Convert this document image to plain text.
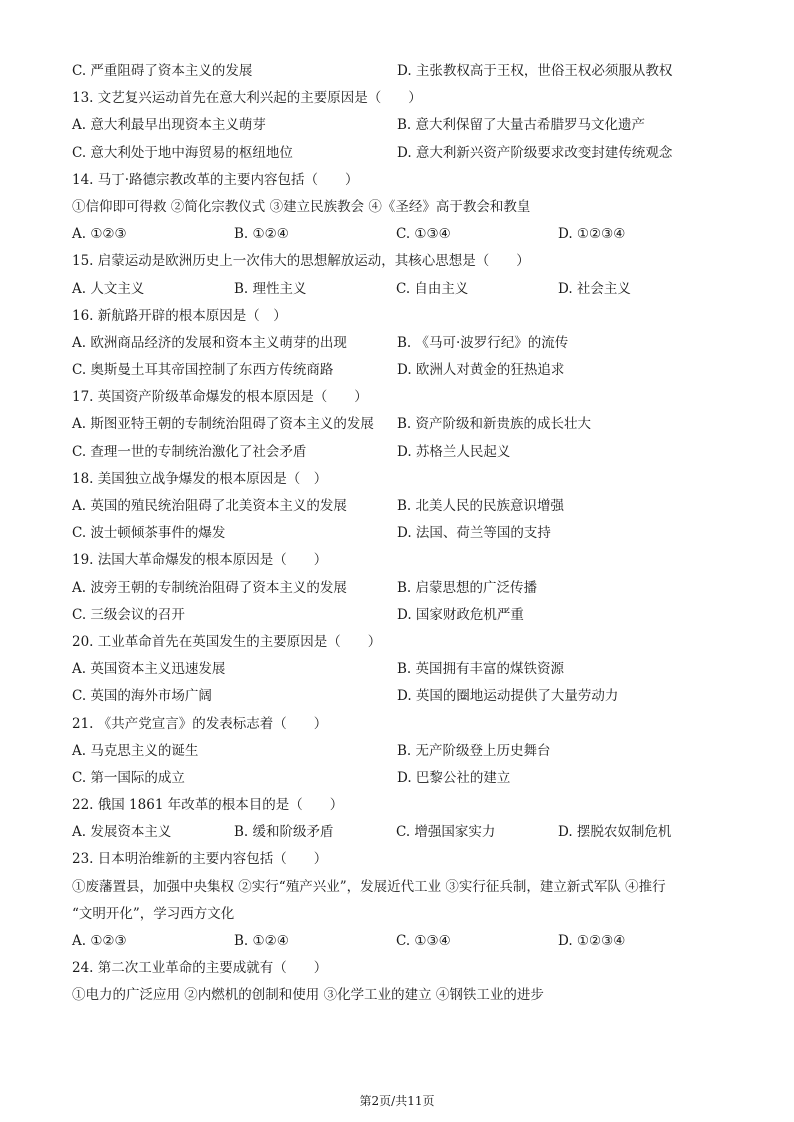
C. 严重阻碍了资本主义的发展	D. 主张教权高于王权，世俗王权必须服从教权
13. 文艺复兴运动首先在意大利兴起的主要原因是（　　）
A. 意大利最早出现资本主义萌芽	B. 意大利保留了大量古希腊罗马文化遗产
C. 意大利处于地中海贸易的枢纽地位	D. 意大利新兴资产阶级要求改变封建传统观念
14. 马丁·路德宗教改革的主要内容包括（　　）
①信仰即可得救 ②简化宗教仪式 ③建立民族教会 ④《圣经》高于教会和教皇
A. ①②③	B. ①②④	C. ①③④	D. ①②③④
15. 启蒙运动是欧洲历史上一次伟大的思想解放运动，其核心思想是（　　）
A. 人文主义	B. 理性主义	C. 自由主义	D. 社会主义
16. 新航路开辟的根本原因是（　）
A. 欧洲商品经济的发展和资本主义萌芽的出现	B. 《马可·波罗行纪》的流传
C. 奥斯曼土耳其帝国控制了东西方传统商路	D. 欧洲人对黄金的狂热追求
17. 英国资产阶级革命爆发的根本原因是（　　）
A. 斯图亚特王朝的专制统治阻碍了资本主义的发展	B. 资产阶级和新贵族的成长壮大
C. 查理一世的专制统治激化了社会矛盾	D. 苏格兰人民起义
18. 美国独立战争爆发的根本原因是（　）
A. 英国的殖民统治阻碍了北美资本主义的发展	B. 北美人民的民族意识增强
C. 波士顿倾茶事件的爆发	D. 法国、荷兰等国的支持
19. 法国大革命爆发的根本原因是（　　）
A. 波旁王朝的专制统治阻碍了资本主义的发展	B. 启蒙思想的广泛传播
C. 三级会议的召开	D. 国家财政危机严重
20. 工业革命首先在英国发生的主要原因是（　　）
A. 英国资本主义迅速发展	B. 英国拥有丰富的煤铁资源
C. 英国的海外市场广阔	D. 英国的圈地运动提供了大量劳动力
21. 《共产党宣言》的发表标志着（　　）
A. 马克思主义的诞生	B. 无产阶级登上历史舞台
C. 第一国际的成立	D. 巴黎公社的建立
22. 俄国 1861 年改革的根本目的是（　　）
A. 发展资本主义	B. 缓和阶级矛盾	C. 增强国家实力	D. 摆脱农奴制危机
23. 日本明治维新的主要内容包括（　　）
①废藩置县，加强中央集权 ②实行“殖产兴业”，发展近代工业 ③实行征兵制，建立新式军队 ④推行
“文明开化”，学习西方文化
A. ①②③	B. ①②④	C. ①③④	D. ①②③④
24. 第二次工业革命的主要成就有（　　）
①电力的广泛应用 ②内燃机的创制和使用 ③化学工业的建立 ④钢铁工业的进步
第2页/共11页
